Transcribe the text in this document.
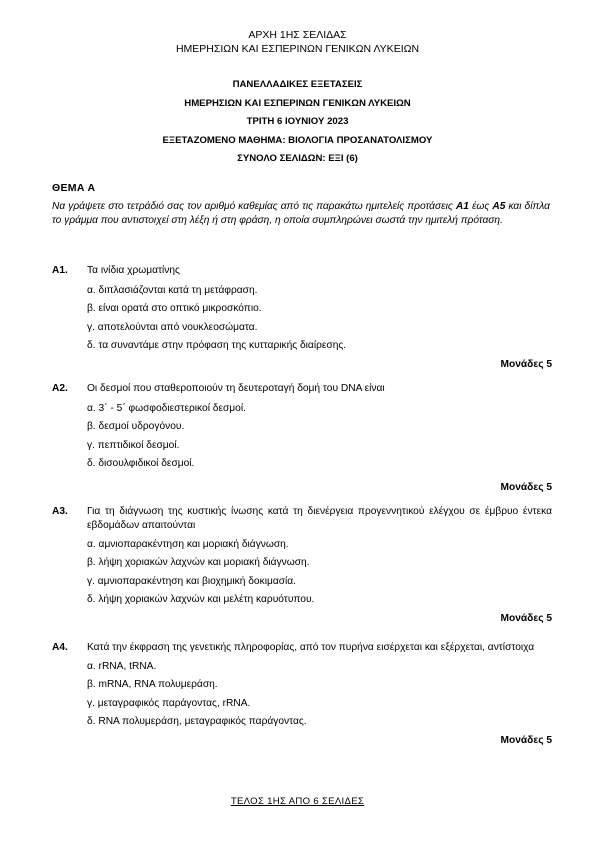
ΑΡΧΗ 1ΗΣ ΣΕΛΙΔΑΣ
ΗΜΕΡΗΣΙΩΝ ΚΑΙ ΕΣΠΕΡΙΝΩΝ ΓΕΝΙΚΩΝ ΛΥΚΕΙΩΝ
ΠΑΝΕΛΛΑΔΙΚΕΣ ΕΞΕΤΑΣΕΙΣ
ΗΜΕΡΗΣΙΩΝ ΚΑΙ ΕΣΠΕΡΙΝΩΝ ΓΕΝΙΚΩΝ ΛΥΚΕΙΩΝ
ΤΡΙΤΗ 6 ΙΟΥΝΙΟΥ 2023
ΕΞΕΤΑΖΟΜΕΝΟ ΜΑΘΗΜΑ: ΒΙΟΛΟΓΙΑ ΠΡΟΣΑΝΑΤΟΛΙΣΜΟΥ
ΣΥΝΟΛΟ ΣΕΛΙΔΩΝ: ΕΞΙ (6)
ΘΕΜΑ Α
Να γράψετε στο τετράδιό σας τον αριθμό καθεμίας από τις παρακάτω ημιτελείς προτάσεις Α1 έως Α5 και δίπλα το γράμμα που αντιστοιχεί στη λέξη ή στη φράση, η οποία συμπληρώνει σωστά την ημιτελή πρόταση.
Α1. Τα ινίδια χρωματίνης
α. διπλασιάζονται κατά τη μετάφραση.
β. είναι ορατά στο οπτικό μικροσκόπιο.
γ. αποτελούνται από νουκλεοσώματα.
δ. τα συναντάμε στην πρόφαση της κυτταρικής διαίρεσης.
Μονάδες 5
Α2. Οι δεσμοί που σταθεροποιούν τη δευτεροταγή δομή του DNA είναι
α. 3΄ - 5΄ φωσφοδιεστερικοί δεσμοί.
β. δεσμοί υδρογόνου.
γ. πεπτιδικοί δεσμοί.
δ. δισουλφιδικοί δεσμοί.
Μονάδες 5
Α3. Για τη διάγνωση της κυστικής ίνωσης κατά τη διενέργεια προγεννητικού ελέγχου σε έμβρυο έντεκα εβδομάδων απαιτούνται
α. αμνιοπαρακέντηση και μοριακή διάγνωση.
β. λήψη χοριακών λαχνών και μοριακή διάγνωση.
γ. αμνιοπαρακέντηση και βιοχημική δοκιμασία.
δ. λήψη χοριακών λαχνών και μελέτη καρυότυπου.
Μονάδες 5
Α4. Κατά την έκφραση της γενετικής πληροφορίας, από τον πυρήνα εισέρχεται και εξέρχεται, αντίστοιχα
α. rRNA, tRNA.
β. mRNA, RNA πολυμεράση.
γ. μεταγραφικός παράγοντας, rRNA.
δ. RNA πολυμεράση, μεταγραφικός παράγοντας.
Μονάδες 5
ΤΕΛΟΣ 1ΗΣ ΑΠΟ 6 ΣΕΛΙΔΕΣ
